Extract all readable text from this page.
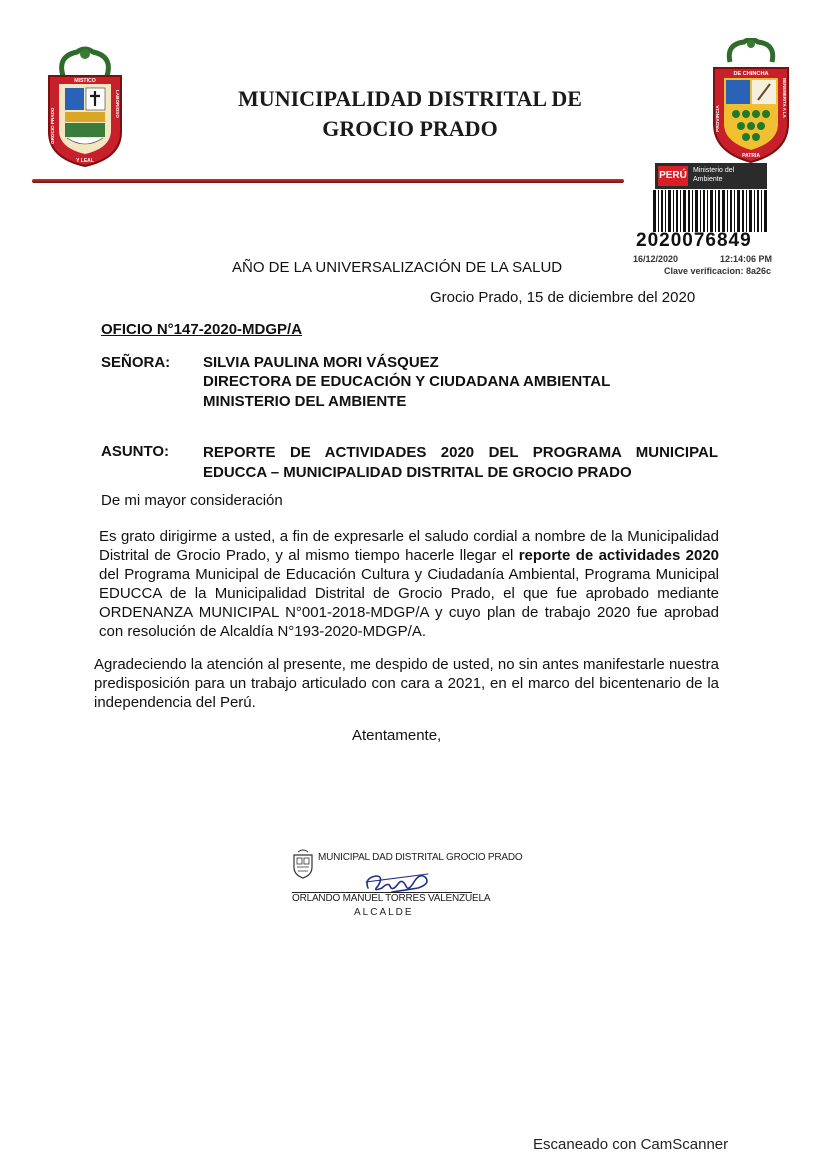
MISTICO
GROCIO PRADO
LABORIOSO
Y LEAL
MUNICIPALIDAD DISTRITAL DE
GROCIO PRADO
DE CHINCHA
PROVINCIA
BENEMERITA A LA
PATRIA
PERÚ Ministerio del Ambiente
2020076849
16/12/2020	12:14:06 PM
Clave verificacion: 8a26c
AÑO DE LA UNIVERSALIZACIÓN DE LA SALUD
Grocio Prado, 15 de diciembre del 2020
OFICIO N°147-2020-MDGP/A
SEÑORA: SILVIA PAULINA MORI VÁSQUEZ
DIRECTORA DE EDUCACIÓN Y CIUDADANA AMBIENTAL
MINISTERIO DEL AMBIENTE
ASUNTO: REPORTE DE ACTIVIDADES 2020 DEL PROGRAMA MUNICIPAL EDUCCA – MUNICIPALIDAD DISTRITAL DE GROCIO PRADO
De mi mayor consideración
Es grato dirigirme a usted, a fin de expresarle el saludo cordial a nombre de la Municipalidad Distrital de Grocio Prado, y al mismo tiempo hacerle llegar el reporte de actividades 2020 del Programa Municipal de Educación Cultura y Ciudadanía Ambiental, Programa Municipal EDUCCA de la Municipalidad Distrital de Grocio Prado, el que fue aprobado mediante ORDENANZA MUNICIPAL N°001-2018-MDGP/A y cuyo plan de trabajo 2020 fue aprobad con resolución de Alcaldía N°193-2020-MDGP/A.
Agradeciendo la atención al presente, me despido de usted, no sin antes manifestarle nuestra predisposición para un trabajo articulado con cara a 2021, en el marco del bicentenario de la independencia del Perú.
Atentamente,
MUNICIPAL DAD DISTRITAL GROCIO PRADO
ORLANDO MANUEL TORRES VALENZUELA
ALCALDE
Escaneado con CamScanner
